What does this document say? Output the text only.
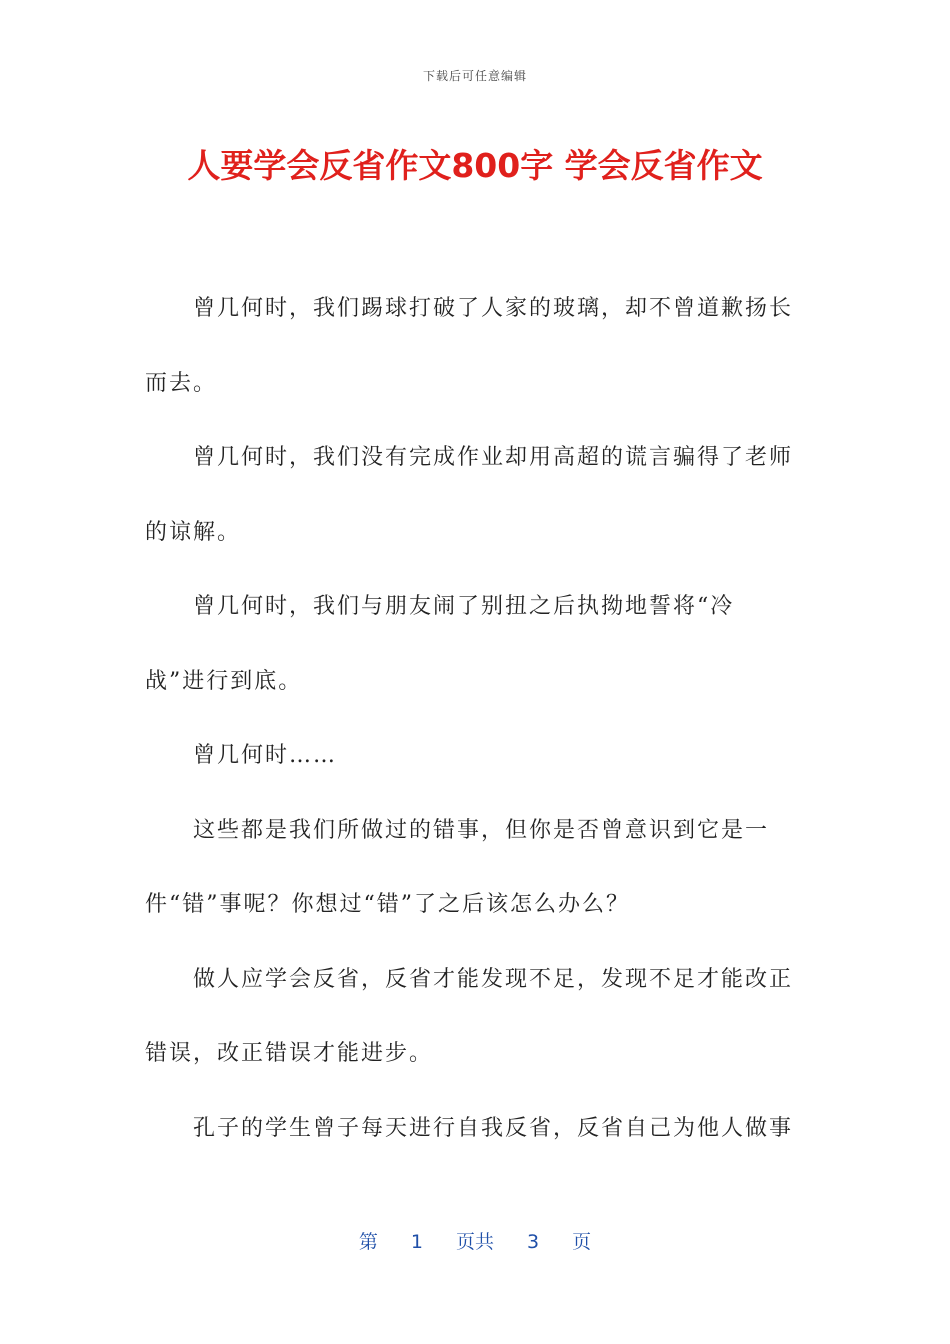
下载后可任意编辑
人要学会反省作文800字 学会反省作文

曾几何时，我们踢球打破了人家的玻璃，却不曾道歉扬长而去。

曾几何时，我们没有完成作业却用高超的谎言骗得了老师的谅解。

曾几何时，我们与朋友闹了别扭之后执拗地誓将“冷战”进行到底。

曾几何时……

这些都是我们所做过的错事，但你是否曾意识到它是一件“错”事呢？你想过“错”了之后该怎么办么？

做人应学会反省，反省才能发现不足，发现不足才能改正错误，改正错误才能进步。

孔子的学生曾子每天进行自我反省，反省自己为他人做事

第 1 页共 3 页
